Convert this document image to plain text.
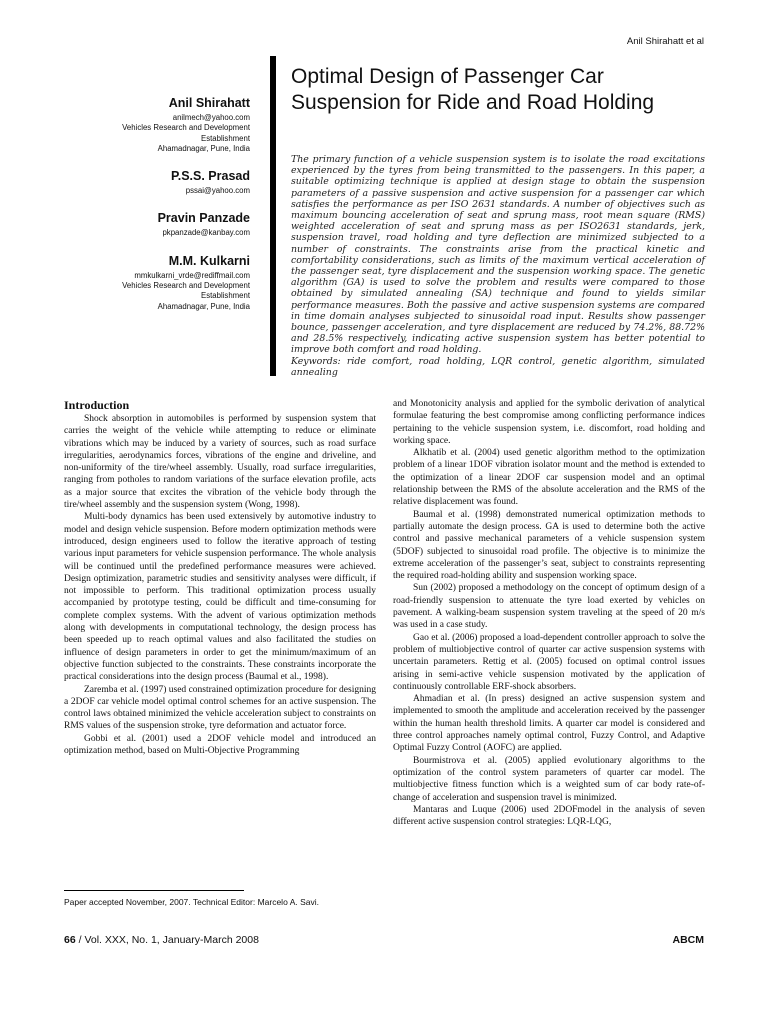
Anil Shirahatt et al
Anil Shirahatt
anilmech@yahoo.com
Vehicles Research and Development
Establishment
Ahamadnagar, Pune, India
P.S.S. Prasad
pssai@yahoo.com
Pravin Panzade
pkpanzade@kanbay.com
M.M. Kulkarni
mmkulkarni_vrde@rediffmail.com
Vehicles Research and Development
Establishment
Ahamadnagar, Pune, India
Optimal Design of Passenger Car Suspension for Ride and Road Holding

The primary function of a vehicle suspension system is to isolate the road excitations experienced by the tyres from being transmitted to the passengers. In this paper, a suitable optimizing technique is applied at design stage to obtain the suspension parameters of a passive suspension and active suspension for a passenger car which satisfies the performance as per ISO 2631 standards. A number of objectives such as maximum bouncing acceleration of seat and sprung mass, root mean square (RMS) weighted acceleration of seat and sprung mass as per ISO2631 standards, jerk, suspension travel, road holding and tyre deflection are minimized subjected to a number of constraints. The constraints arise from the practical kinetic and comfortability considerations, such as limits of the maximum vertical acceleration of the passenger seat, tyre displacement and the suspension working space. The genetic algorithm (GA) is used to solve the problem and results were compared to those obtained by simulated annealing (SA) technique and found to yields similar performance measures. Both the passive and active suspension systems are compared in time domain analyses subjected to sinusoidal road input. Results show passenger bounce, passenger acceleration, and tyre displacement are reduced by 74.2%, 88.72% and 28.5% respectively, indicating active suspension system has better potential to improve both comfort and road holding.

Keywords: ride comfort, road holding, LQR control, genetic algorithm, simulated annealing

Introduction

Shock absorption in automobiles is performed by suspension system that carries the weight of the vehicle while attempting to reduce or eliminate vibrations which may be induced by a variety of sources, such as road surface irregularities, aerodynamics forces, vibrations of the engine and driveline, and non-uniformity of the tire/wheel assembly. Usually, road surface irregularities, ranging from potholes to random variations of the surface elevation profile, acts as a major source that excites the vibration of the vehicle body through the tire/wheel assembly and the suspension system (Wong, 1998).

Multi-body dynamics has been used extensively by automotive industry to model and design vehicle suspension. Before modern optimization methods were introduced, design engineers used to follow the iterative approach of testing various input parameters for vehicle suspension performance. The whole analysis will be continued until the predefined performance measures were achieved. Design optimization, parametric studies and sensitivity analyses were difficult, if not impossible to perform. This traditional optimization process usually accompanied by prototype testing, could be difficult and time-consuming for complete complex systems. With the advent of various optimization methods along with developments in computational technology, the design process has been speeded up to reach optimal values and also facilitated the studies on influence of design parameters in order to get the minimum/maximum of an objective function subjected to the constraints. These constraints incorporate the practical considerations into the design process (Baumal et al., 1998).

Zaremba et al. (1997) used constrained optimization procedure for designing a 2DOF car vehicle model optimal control schemes for an active suspension. The control laws obtained minimized the vehicle acceleration subject to constraints on RMS values of the suspension stroke, tyre deformation and actuator force.

Gobbi et al. (2001) used a 2DOF vehicle model and introduced an optimization method, based on Multi-Objective Programming

and Monotonicity analysis and applied for the symbolic derivation of analytical formulae featuring the best compromise among conflicting performance indices pertaining to the vehicle suspension system, i.e. discomfort, road holding and working space.

Alkhatib et al. (2004) used genetic algorithm method to the optimization problem of a linear 1DOF vibration isolator mount and the method is extended to the optimization of a linear 2DOF car suspension model and an optimal relationship between the RMS of the absolute acceleration and the RMS of the relative displacement was found.

Baumal et al. (1998) demonstrated numerical optimization methods to partially automate the design process. GA is used to determine both the active control and passive mechanical parameters of a vehicle suspension system (5DOF) subjected to sinusoidal road profile. The objective is to minimize the extreme acceleration of the passenger’s seat, subject to constraints representing the required road-holding ability and suspension working space.

Sun (2002) proposed a methodology on the concept of optimum design of a road-friendly suspension to attenuate the tyre load exerted by vehicles on pavement. A walking-beam suspension system traveling at the speed of 20 m/s was used in a case study.

Gao et al. (2006) proposed a load-dependent controller approach to solve the problem of multiobjective control of quarter car active suspension systems with uncertain parameters. Rettig et al. (2005) focused on optimal control issues arising in semi-active vehicle suspension motivated by the application of continuously controllable ERF-shock absorbers.

Ahmadian et al. (In press) designed an active suspension system and implemented to smooth the amplitude and acceleration received by the passenger within the human health threshold limits. A quarter car model is considered and three control approaches namely optimal control, Fuzzy Control, and Adaptive Optimal Fuzzy Control (AOFC) are applied.

Bourmistrova et al. (2005) applied evolutionary algorithms to the optimization of the control system parameters of quarter car model. The multiobjective fitness function which is a weighted sum of car body rate-of-change of acceleration and suspension travel is minimized.

Mantaras and Luque (2006) used 2DOFmodel in the analysis of seven different active suspension control strategies: LQR-LQG,

Paper accepted November, 2007. Technical Editor: Marcelo A. Savi.
66 / Vol. XXX, No. 1, January-March 2008	ABCM
